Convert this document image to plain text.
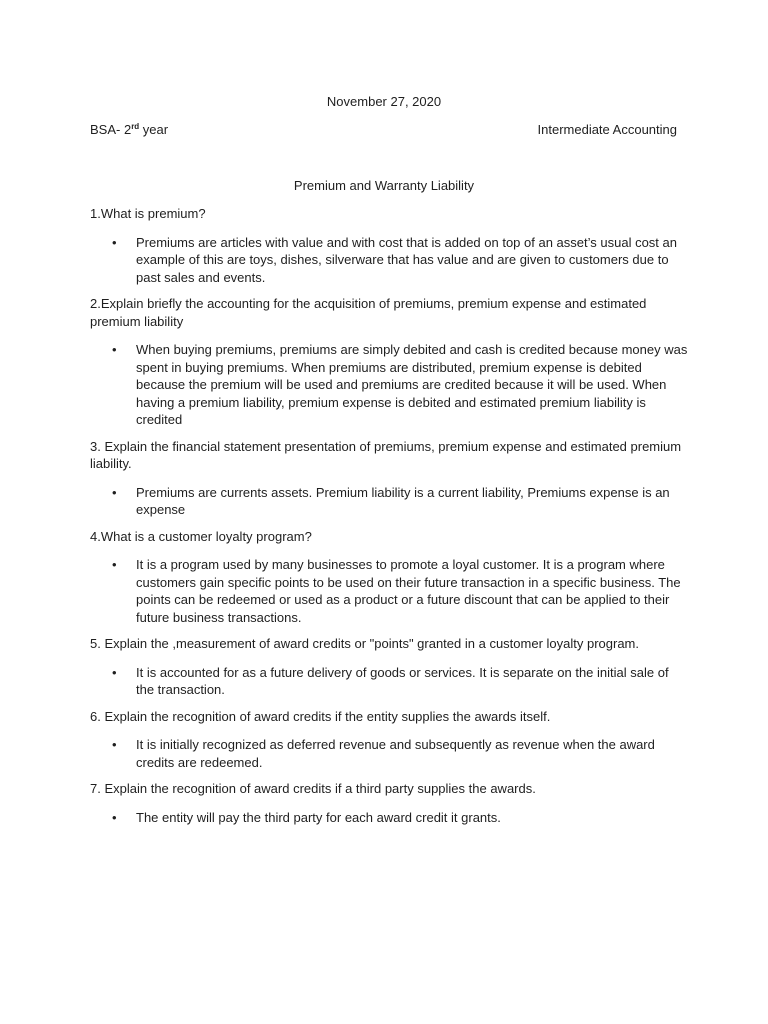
November 27, 2020
BSA- 2rd year	Intermediate Accounting
Premium and Warranty Liability

1.What is premium?

• Premiums are articles with value and with cost that is added on top of an asset’s usual cost an example of this are toys, dishes, silverware that has value and are given to customers due to past sales and events.

2.Explain briefly the accounting for the acquisition of premiums, premium expense and estimated premium liability

• When buying premiums, premiums are simply debited and cash is credited because money was spent in buying premiums. When premiums are distributed, premium expense is debited because the premium will be used and premiums are credited because it will be used. When having a premium liability, premium expense is debited and estimated premium liability is credited

3. Explain the financial statement presentation of premiums, premium expense and estimated premium liability.

• Premiums are currents assets. Premium liability is a current liability, Premiums expense is an expense

4.What is a customer loyalty program?

• It is a program used by many businesses to promote a loyal customer. It is a program where customers gain specific points to be used on their future transaction in a specific business. The points can be redeemed or used as a product or a future discount that can be applied to their future business transactions.

5. Explain the ,measurement of award credits or "points" granted in a customer loyalty program.

• It is accounted for as a future delivery of goods or services. It is separate on the initial sale of the transaction.

6. Explain the recognition of award credits if the entity supplies the awards itself.

• It is initially recognized as deferred revenue and subsequently as revenue when the award credits are redeemed.

7. Explain the recognition of award credits if a third party supplies the awards.

• The entity will pay the third party for each award credit it grants.
